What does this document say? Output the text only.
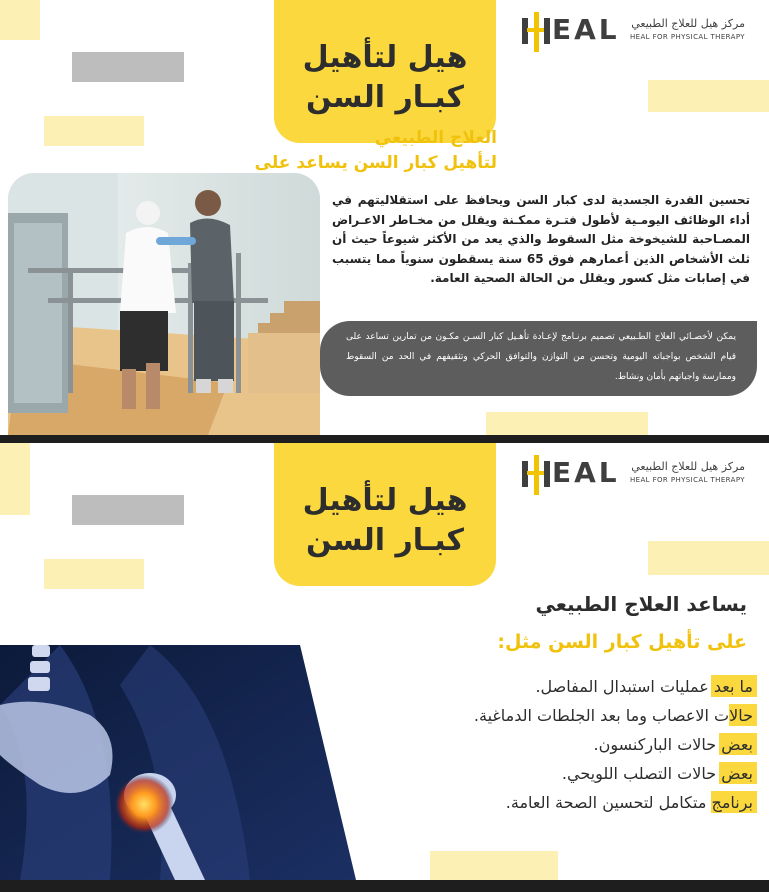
هيل لتأهيل
كبـار السن
EAL مركز هيل للعلاج الطبيعي
HEAL FOR PHYSICAL THERAPY
العلاج الطبيعي
لتأهيل كبار السن يساعد على
تحسين القدرة الجسدية لدى كبار السن ويحافظ على استقلاليتهم في أداء الوظائف اليومـية لأطول فتـرة ممكـنة ويقلل من مخـاطر الاعـراض المصـاحبة للشيخوخة مثل السقوط والذي يعد من الأكثر شيوعاً حيث أن ثلث الأشخاص الذين أعمارهم فوق 65 سنة يسقطون سنوياً مما يتسبب في إصابات مثل كسور ويقلل من الحالة الصحية العامة.
يمكن لأخصـائي العلاج الطـبيعي تصميم برنـامج لإعـادة تأهـيل كبار السـن مكـون من تمارين تساعد على قيام الشخص بواجباته اليومية وتحسن من التوازن والتوافق الحركي وتثقيفهم في الحد من السقوط وممارسة واجباتهم بأمان ونشاط.
هيل لتأهيل
كبـار السن
EAL مركز هيل للعلاج الطبيعي
HEAL FOR PHYSICAL THERAPY
يساعد العلاج الطبيعي
على تأهيل كبار السن مثل:
ما بعد عمليات استبدال المفاصل.
حالات الاعصاب وما بعد الجلطات الدماغية.
بعض حالات الباركنسون.
بعض حالات التصلب اللويحي.
برنامج متكامل لتحسين الصحة العامة.
